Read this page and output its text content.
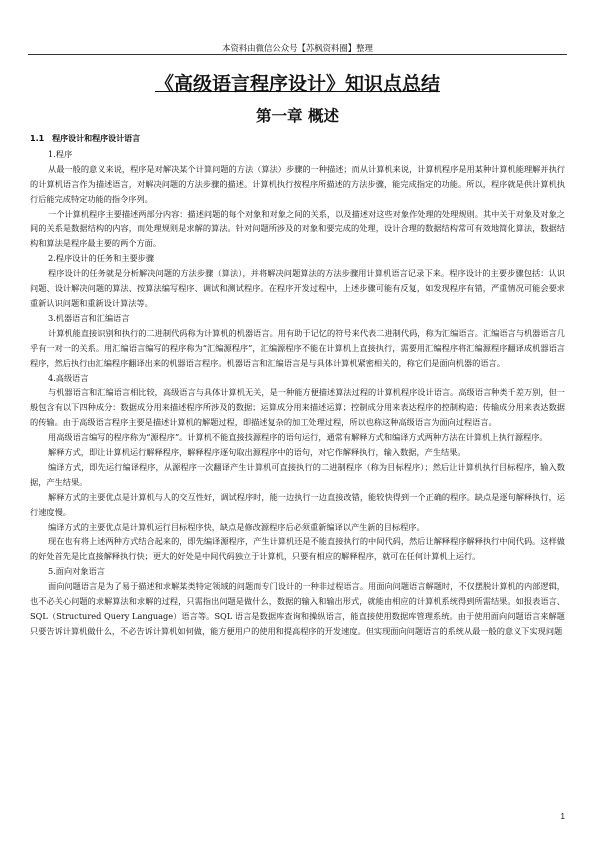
本资料由微信公众号【苏枫资料圈】整理
《高级语言程序设计》知识点总结
第一章 概述

1.1　程序设计和程序设计语言

1.程序

从最一般的意义来说，程序是对解决某个计算问题的方法（算法）步骤的一种描述；而从计算机来说，计算机程序是用某种计算机能理解并执行的计算机语言作为描述语言，对解决问题的方法步骤的描述。计算机执行按程序所描述的方法步骤，能完成指定的功能。所以，程序就是供计算机执行后能完成特定功能的指令序列。

一个计算机程序主要描述两部分内容：描述问题的每个对象和对象之间的关系，以及描述对这些对象作处理的处理规则。其中关于对象及对象之间的关系是数据结构的内容，而处理规则是求解的算法。针对问题所涉及的对象和要完成的处理，设计合理的数据结构常可有效地简化算法，数据结构和算法是程序最主要的两个方面。

2.程序设计的任务和主要步骤

程序设计的任务就是分析解决问题的方法步骤（算法），并将解决问题算法的方法步骤用计算机语言记录下来。程序设计的主要步骤包括：认识问题、设计解决问题的算法、按算法编写程序、调试和测试程序。在程序开发过程中，上述步骤可能有反复，如发现程序有错，严重情况可能会要求重新认识问题和重新设计算法等。

3.机器语言和汇编语言

计算机能直接识别和执行的二进制代码称为计算机的机器语言。用有助于记忆的符号来代表二进制代码，称为汇编语言。汇编语言与机器语言几乎有一对一的关系。用汇编语言编写的程序称为“汇编源程序”，汇编源程序不能在计算机上直接执行，需要用汇编程序将汇编源程序翻译成机器语言程序，然后执行由汇编程序翻译出来的机器语言程序。机器语言和汇编语言是与具体计算机紧密相关的，称它们是面向机器的语言。

4.高级语言

与机器语言和汇编语言相比较，高级语言与具体计算机无关，是一种能方便描述算法过程的计算机程序设计语言。高级语言种类千差万别，但一般包含有以下四种成分：数据成分用来描述程序所涉及的数据；运算成分用来描述运算；控制成分用来表达程序的控制构造；传输成分用来表达数据的传输。由于高级语言程序主要是描述计算机的解题过程，即描述复杂的加工处理过程，所以也称这种高级语言为面向过程语言。

用高级语言编写的程序称为“源程序”。计算机不能直接技源程序的语句运行，通常有解释方式和编译方式两种方法在计算机上执行源程序。

解释方式，即让计算机运行解释程序，解释程序逐句取出源程序中的语句，对它作解释执行，输入数据，产生结果。

编译方式，即先运行编译程序，从源程序一次翻译产生计算机可直接执行的二进制程序（称为目标程序）；然后让计算机执行目标程序，输入数据，产生结果。

解释方式的主要优点是计算机与人的交互性好，调试程序时，能一边执行一边直接改错，能较快得到一个正确的程序。缺点是逐句解释执行，运行速度慢。

编译方式的主要优点是计算机运行目标程序快，缺点是修改源程序后必须重新编译以产生新的目标程序。

现在也有将上述两种方式结合起来的，即先编译源程序，产生计算机还是不能直接执行的中间代码，然后让解释程序解释执行中间代码。这样做的好处首先是比直接解释执行快；更大的好处是中间代码独立于计算机，只要有相应的解释程序，就可在任何计算机上运行。

5.面向对象语言

面向问题语言是为了易于描述和求解某类特定领域的问题而专门设计的一种非过程语言。用面向问题语言解题时，不仅摆脱计算机的内部逻辑，也不必关心问题的求解算法和求解的过程，只需指出问题是做什么，数据的输入和输出形式，就能由相应的计算机系统得到所需结果。如报表语言、SQL（Structured Query Language）语言等。SQL 语言是数据库查询和操纵语言，能直接使用数据库管理系统。由于使用面向问题语言来解题只要告诉计算机做什么，不必告诉计算机如何做，能方便用户的使用和提高程序的开发速度。但实现面向问题语言的系统从最一般的意义下实现问题

1
